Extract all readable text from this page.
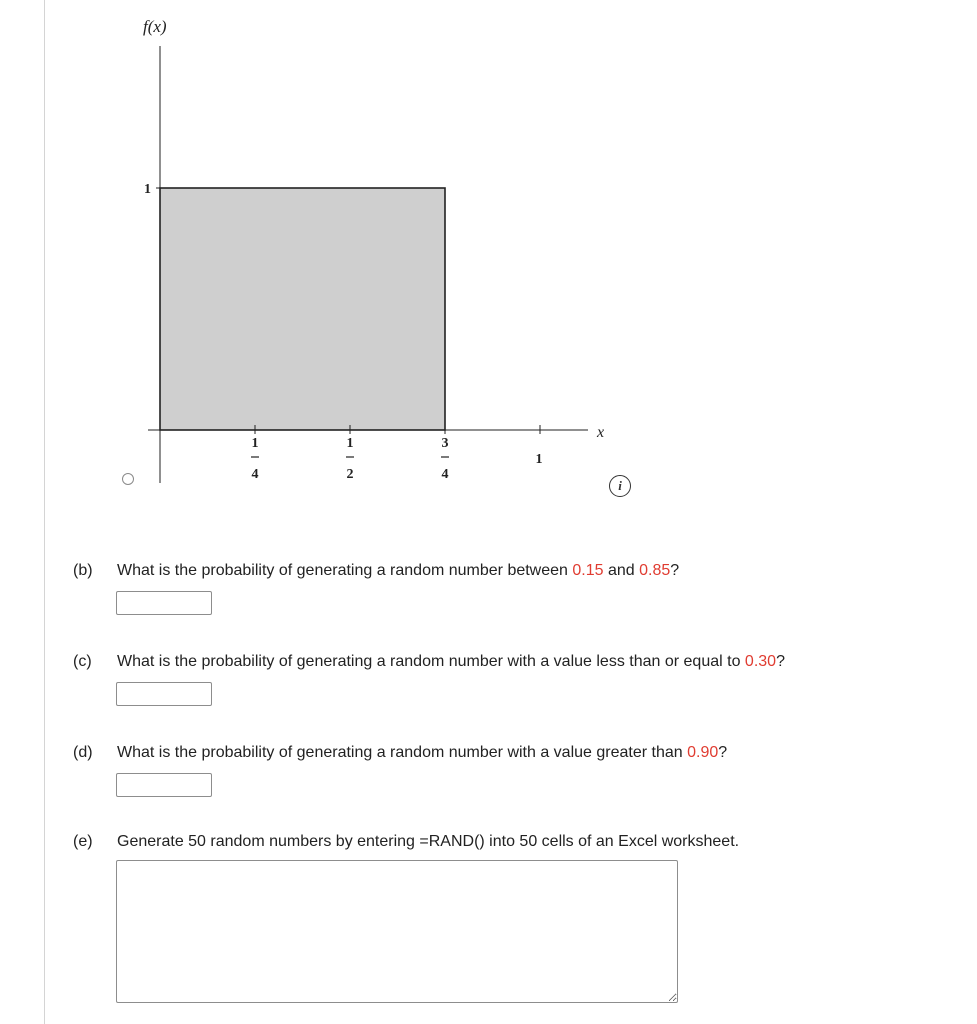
1
4
1
2
3
4
1
1
f(x)
x
i
(b) What is the probability of generating a random number between 0.15 and 0.85?
(c) What is the probability of generating a random number with a value less than or equal to 0.30?
(d) What is the probability of generating a random number with a value greater than 0.90?
(e) Generate 50 random numbers by entering =RAND() into 50 cells of an Excel worksheet.
